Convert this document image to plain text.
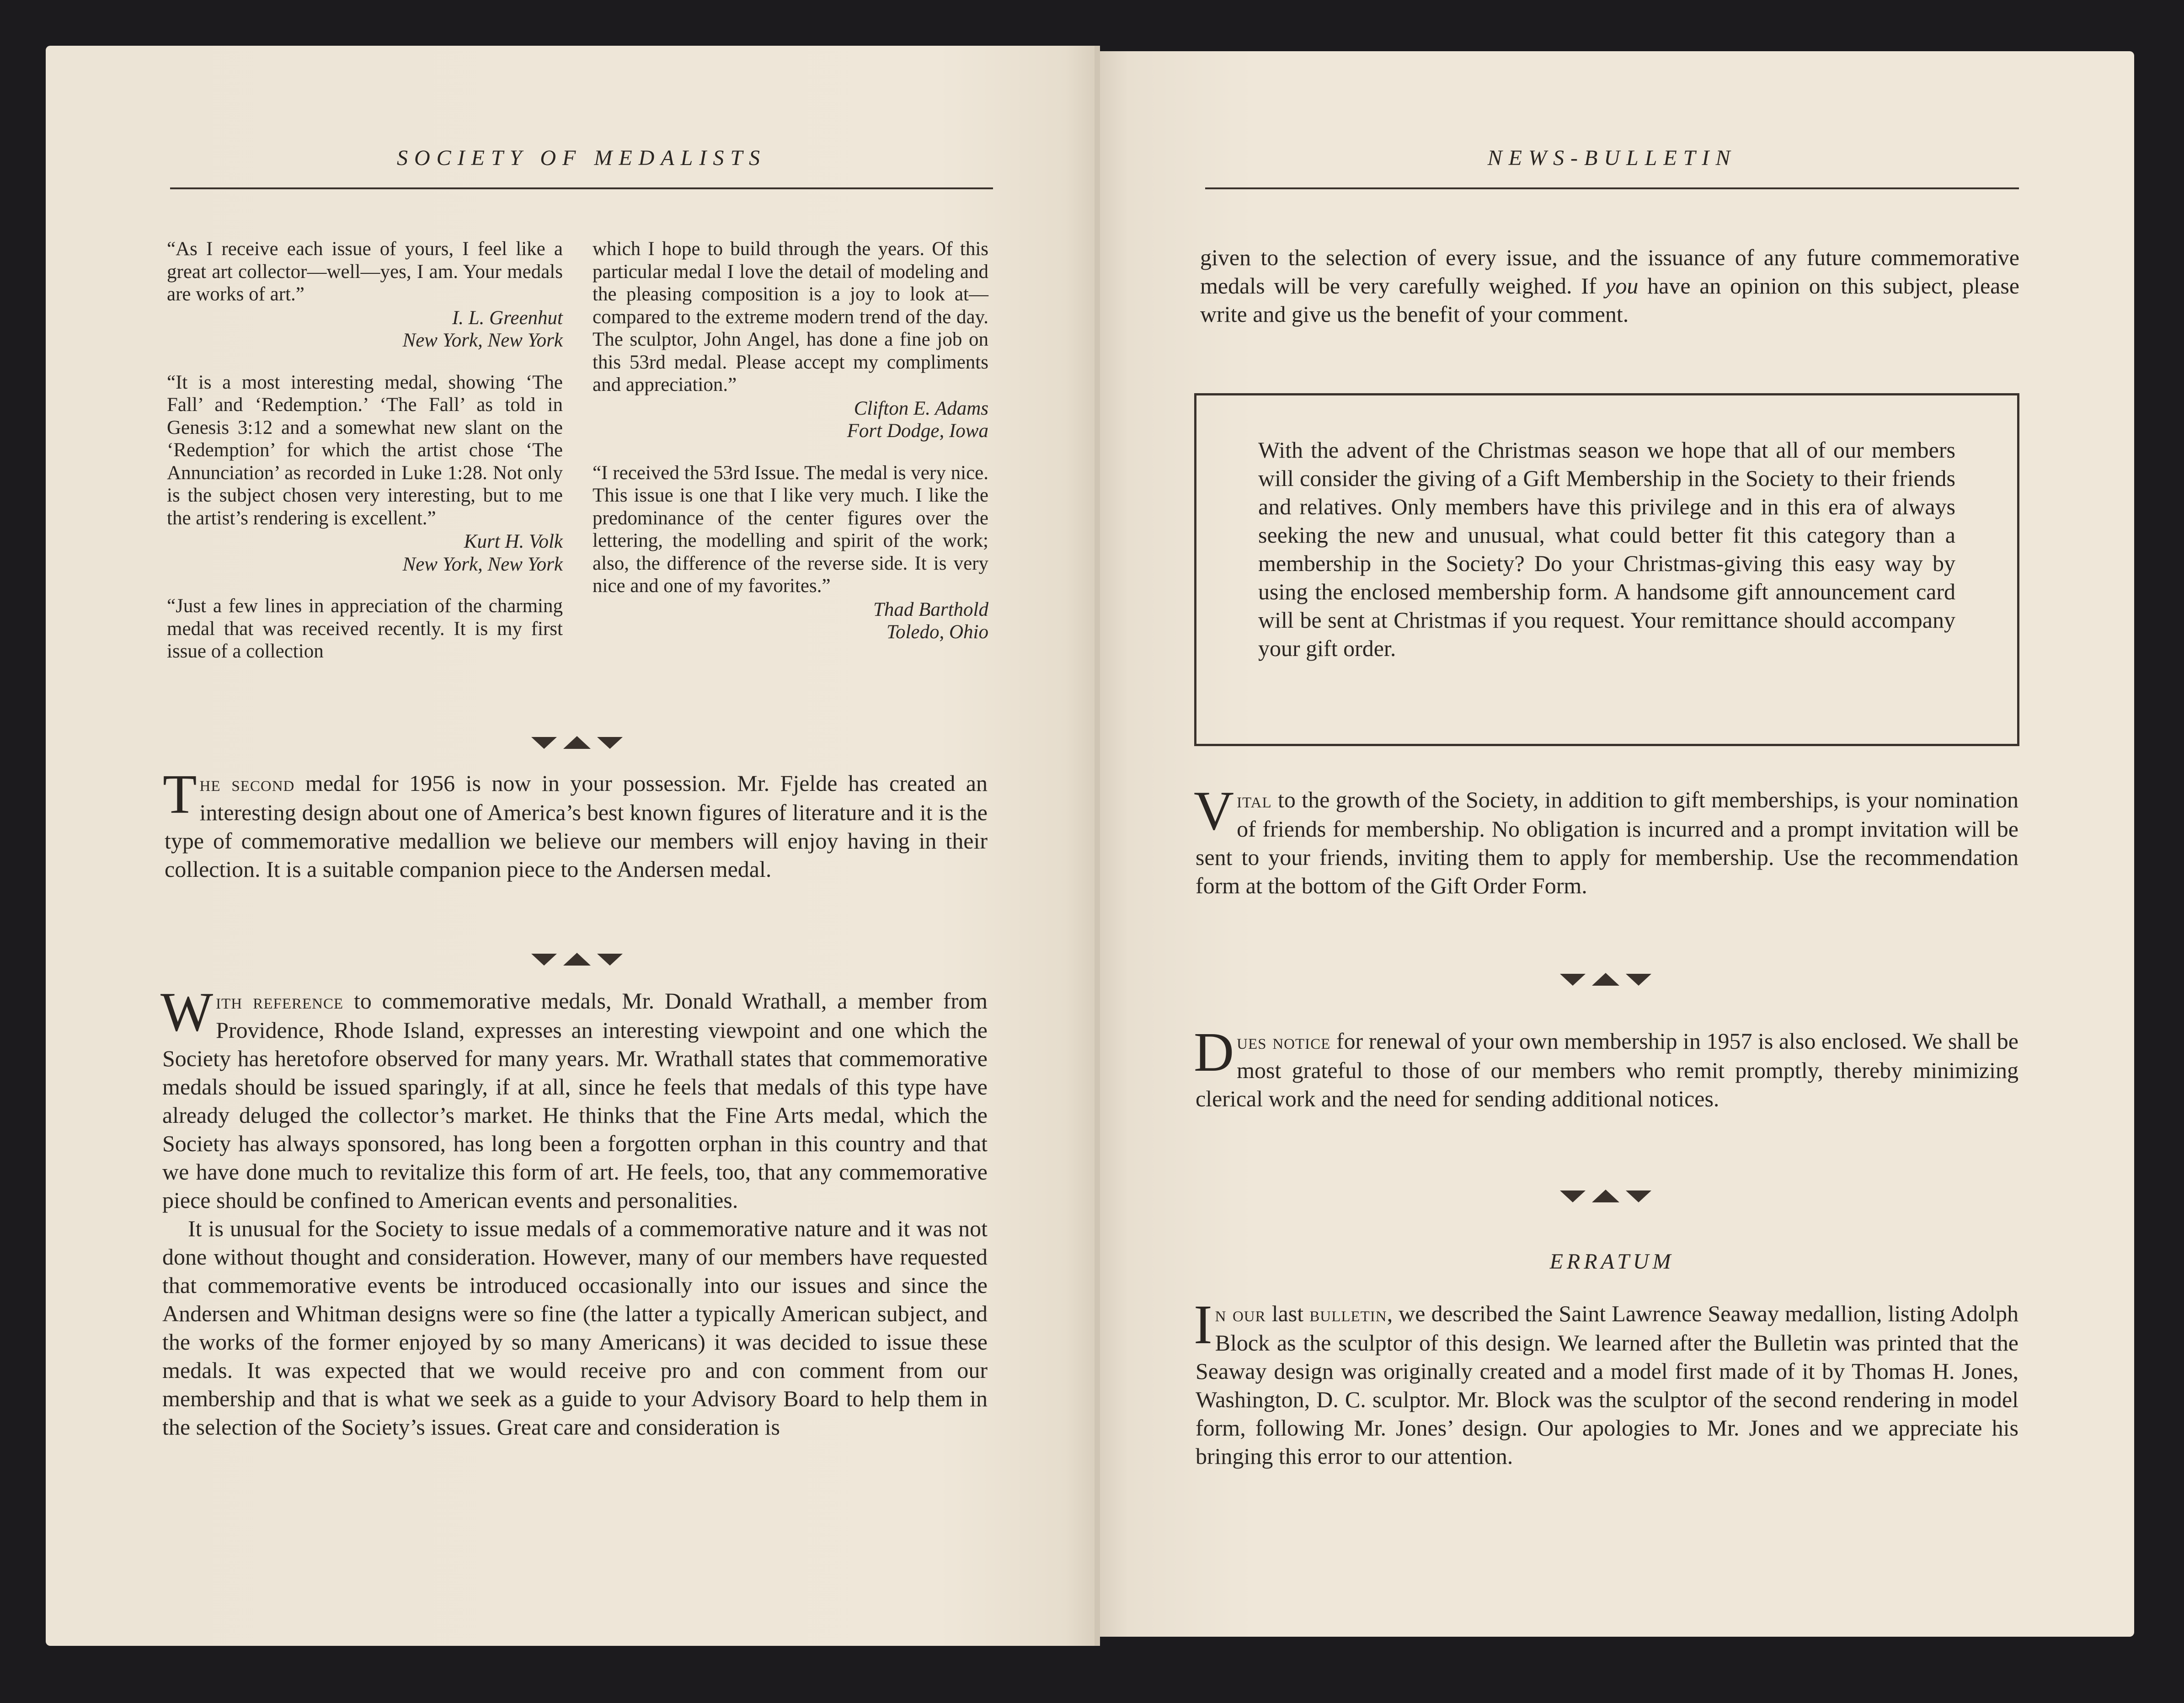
SOCIETY OF MEDALISTS

“As I receive each issue of yours, I feel like a great art collector—well—yes, I am. Your medals are works of art.”

I. L. Greenhut
New York, New York

“It is a most interesting medal, showing ‘The Fall’ and ‘Redemption.’ ‘The Fall’ as told in Genesis 3:12 and a somewhat new slant on the ‘Redemption’ for which the artist chose ‘The Annunciation’ as recorded in Luke 1:28. Not only is the subject chosen very interesting, but to me the artist’s rendering is excellent.”

Kurt H. Volk
New York, New York

“Just a few lines in appreciation of the charming medal that was received recently. It is my first issue of a collection

which I hope to build through the years. Of this particular medal I love the detail of modeling and the pleasing composition is a joy to look at—compared to the extreme modern trend of the day. The sculptor, John Angel, has done a fine job on this 53rd medal. Please accept my compliments and appreciation.”

Clifton E. Adams
Fort Dodge, Iowa

“I received the 53rd Issue. The medal is very nice. This issue is one that I like very much. I like the predominance of the center figures over the lettering, the modelling and spirit of the work; also, the difference of the reverse side. It is very nice and one of my favorites.”

Thad Barthold
Toledo, Ohio
The second medal for 1956 is now in your possession. Mr. Fjelde has created an interesting design about one of America’s best known figures of literature and it is the type of commemorative medallion we believe our members will enjoy having in their collection. It is a suitable companion piece to the Andersen medal.

With reference to commemorative medals, Mr. Donald Wrathall, a member from Providence, Rhode Island, expresses an interesting viewpoint and one which the Society has heretofore observed for many years. Mr. Wrathall states that commemorative medals should be issued sparingly, if at all, since he feels that medals of this type have already deluged the collector’s market. He thinks that the Fine Arts medal, which the Society has always sponsored, has long been a forgotten orphan in this country and that we have done much to revitalize this form of art. He feels, too, that any commemorative piece should be confined to American events and personalities.

It is unusual for the Society to issue medals of a commemorative nature and it was not done without thought and consideration. However, many of our members have requested that commemorative events be introduced occasionally into our issues and since the Andersen and Whitman designs were so fine (the latter a typically American subject, and the works of the former enjoyed by so many Americans) it was decided to issue these medals. It was expected that we would receive pro and con comment from our membership and that is what we seek as a guide to your Advisory Board to help them in the selection of the Society’s issues. Great care and consideration is

NEWS-BULLETIN
given to the selection of every issue, and the issuance of any future commemorative medals will be very carefully weighed. If you have an opinion on this subject, please write and give us the benefit of your comment.

With the advent of the Christmas season we hope that all of our members will consider the giving of a Gift Membership in the Society to their friends and relatives. Only members have this privilege and in this era of always seeking the new and unusual, what could better fit this category than a membership in the Society? Do your Christmas-giving this easy way by using the enclosed membership form. A handsome gift announcement card will be sent at Christmas if you request. Your remittance should accompany your gift order.

Vital to the growth of the Society, in addition to gift memberships, is your nomination of friends for membership. No obligation is incurred and a prompt invitation will be sent to your friends, inviting them to apply for membership. Use the recommendation form at the bottom of the Gift Order Form.
Dues notice for renewal of your own membership in 1957 is also enclosed. We shall be most grateful to those of our members who remit promptly, thereby minimizing clerical work and the need for sending additional notices.
ERRATUM
In our last bulletin, we described the Saint Lawrence Seaway medallion, listing Adolph Block as the sculptor of this design. We learned after the Bulletin was printed that the Seaway design was originally created and a model first made of it by Thomas H. Jones, Washington, D. C. sculptor. Mr. Block was the sculptor of the second rendering in model form, following Mr. Jones’ design. Our apologies to Mr. Jones and we appreciate his bringing this error to our attention.
